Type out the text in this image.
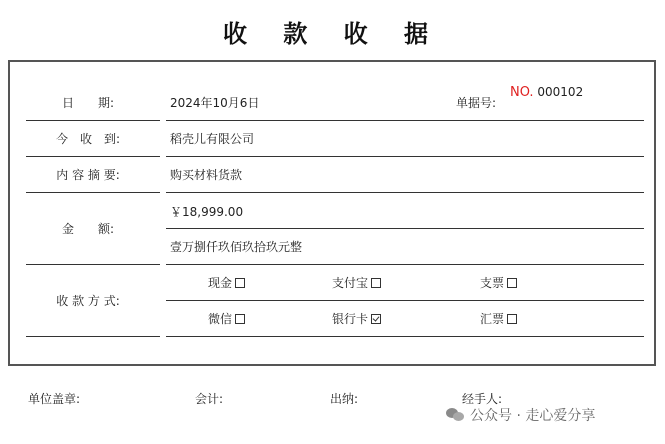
收 款 收 据
日　　期:	2024年10月6日	单据号:
NO. 000102
今　收　到:	稻壳儿有限公司
内 容 摘 要:	购买材料货款
金　　额:
￥18,999.00
壹万捌仟玖佰玖拾玖元整
收 款 方 式:
现金	支付宝	支票
微信	银行卡	汇票
单位盖章:	会计:	出纳:	经手人:
公众号 · 走心爱分享
